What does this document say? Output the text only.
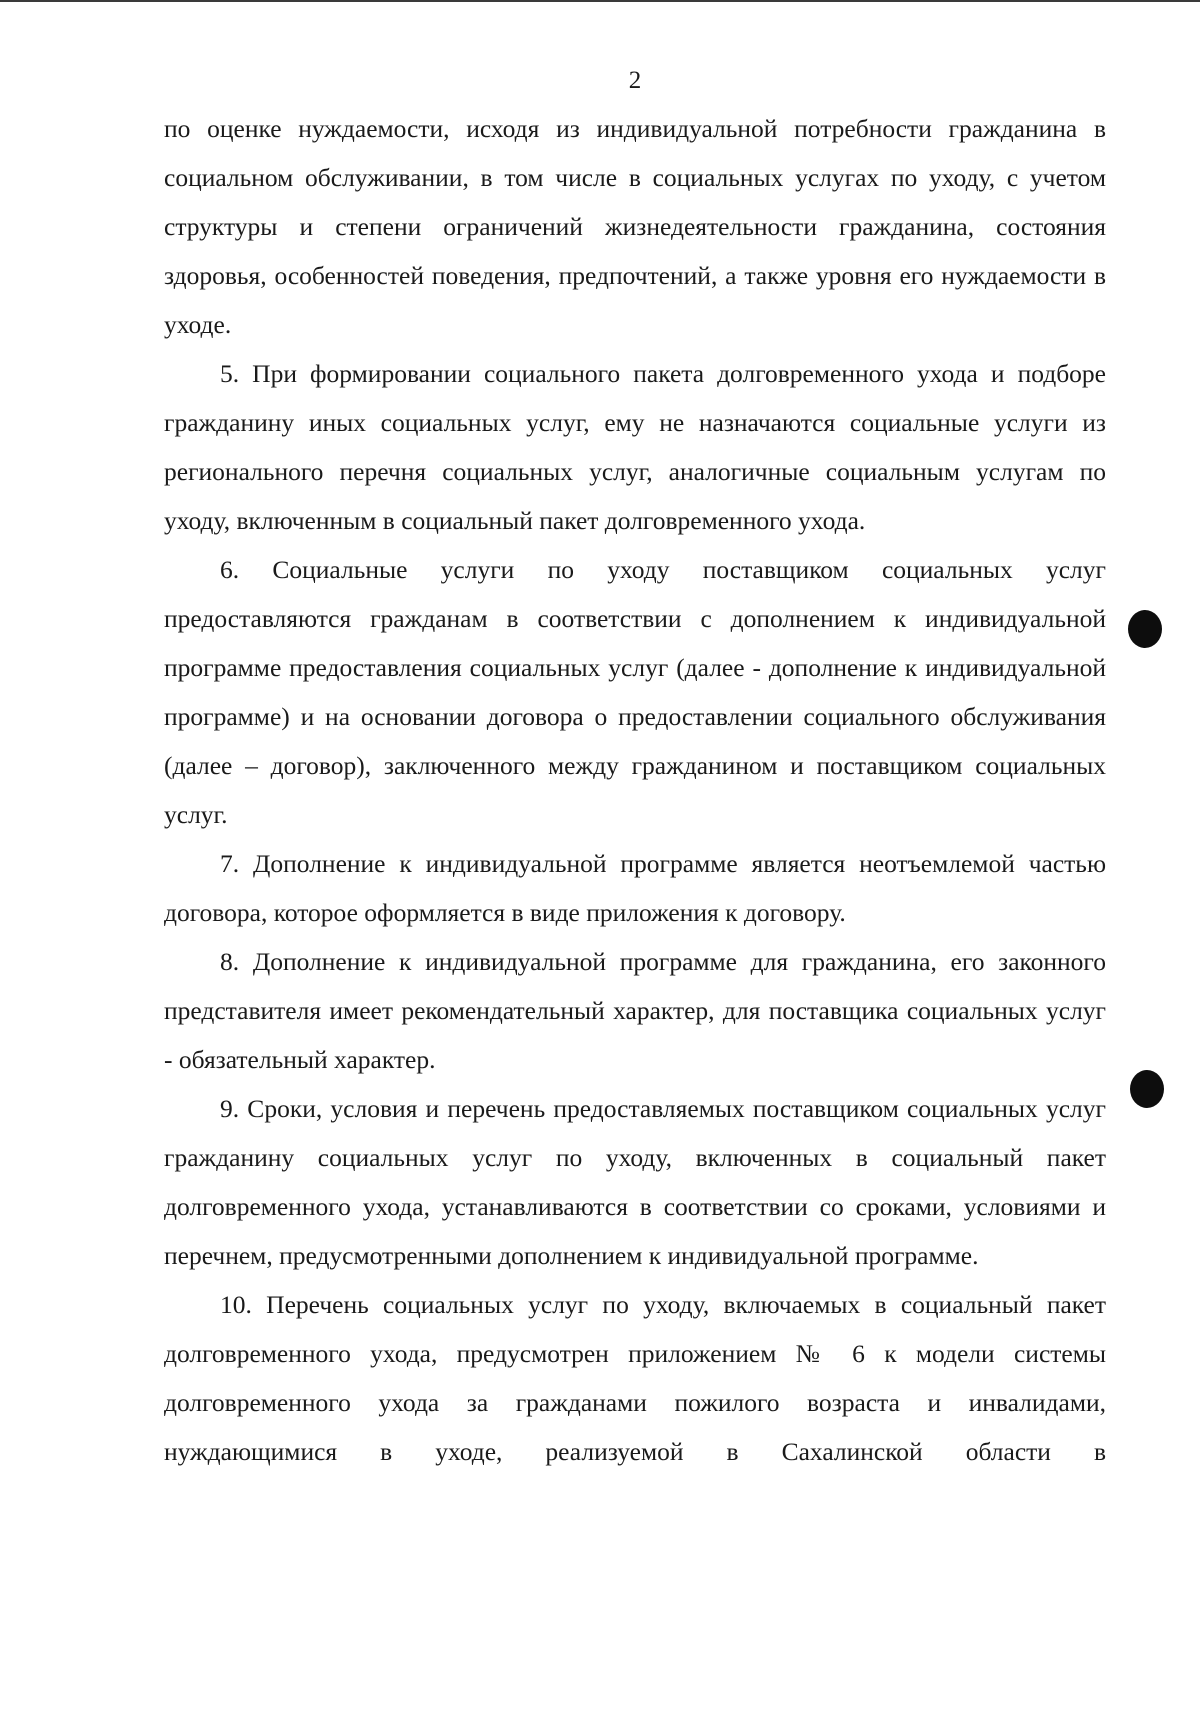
2

по оценке нуждаемости, исходя из индивидуальной потребности гражданина в социальном обслуживании, в том числе в социальных услугах по уходу, с учетом структуры и степени ограничений жизнедеятельности гражданина, состояния здоровья, особенностей поведения, предпочтений, а также уровня его нуждаемости в уходе.

5. При формировании социального пакета долговременного ухода и подборе гражданину иных социальных услуг, ему не назначаются социальные услуги из регионального перечня социальных услуг, аналогичные социальным услугам по уходу, включенным в социальный пакет долговременного ухода.

6. Социальные услуги по уходу поставщиком социальных услуг предоставляются гражданам в соответствии с дополнением к индивидуальной программе предоставления социальных услуг (далее - дополнение к индивидуальной программе) и на основании договора о предоставлении социального обслуживания (далее – договор), заключенного между гражданином и поставщиком социальных услуг.

7. Дополнение к индивидуальной программе является неотъемлемой частью договора, которое оформляется в виде приложения к договору.

8. Дополнение к индивидуальной программе для гражданина, его законного представителя имеет рекомендательный характер, для поставщика социальных услуг - обязательный характер.

9. Сроки, условия и перечень предоставляемых поставщиком социальных услуг гражданину социальных услуг по уходу, включенных в социальный пакет долговременного ухода, устанавливаются в соответствии со сроками, условиями и перечнем, предусмотренными дополнением к индивидуальной программе.

10. Перечень социальных услуг по уходу, включаемых в социальный пакет долговременного ухода, предусмотрен приложением № 6 к модели системы долговременного ухода за гражданами пожилого возраста и инвалидами, нуждающимися в уходе, реализуемой в Сахалинской области в
